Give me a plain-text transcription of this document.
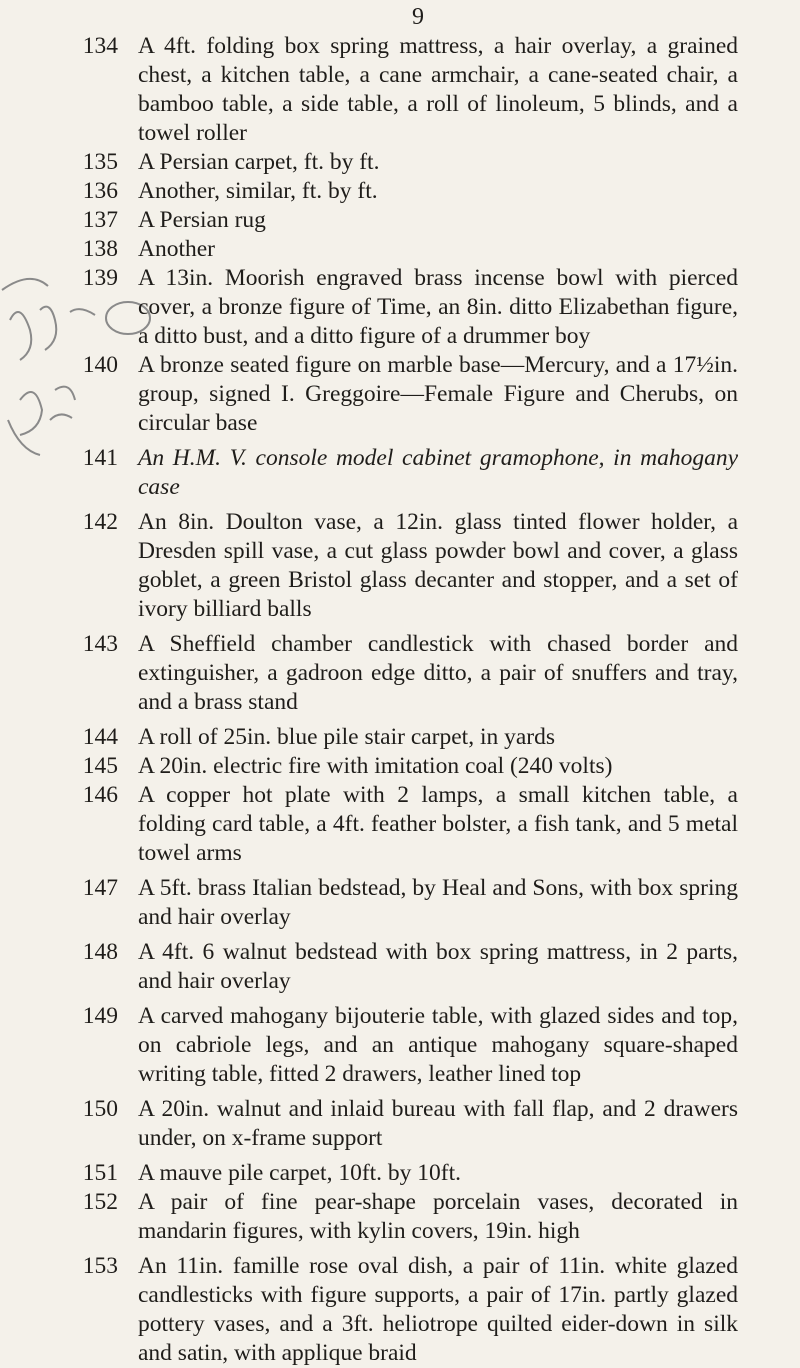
9
134 A 4ft. folding box spring mattress, a hair overlay, a grained chest, a kitchen table, a cane armchair, a cane-seated chair, a bamboo table, a side table, a roll of linoleum, 5 blinds, and a towel roller
135 A Persian carpet, ft. by ft.
136 Another, similar, ft. by ft.
137 A Persian rug
138 Another
139 A 13in. Moorish engraved brass incense bowl with pierced cover, a bronze figure of Time, an 8in. ditto Elizabethan figure, a ditto bust, and a ditto figure of a drummer boy
140 A bronze seated figure on marble base—Mercury, and a 17½in. group, signed I. Greggoire—Female Figure and Cherubs, on circular base
141 An H.M. V. console model cabinet gramophone, in mahogany case
142 An 8in. Doulton vase, a 12in. glass tinted flower holder, a Dresden spill vase, a cut glass powder bowl and cover, a glass goblet, a green Bristol glass decanter and stopper, and a set of ivory billiard balls
143 A Sheffield chamber candlestick with chased border and extinguisher, a gadroon edge ditto, a pair of snuffers and tray, and a brass stand
144 A roll of 25in. blue pile stair carpet, in yards
145 A 20in. electric fire with imitation coal (240 volts)
146 A copper hot plate with 2 lamps, a small kitchen table, a folding card table, a 4ft. feather bolster, a fish tank, and 5 metal towel arms
147 A 5ft. brass Italian bedstead, by Heal and Sons, with box spring and hair overlay
148 A 4ft. 6 walnut bedstead with box spring mattress, in 2 parts, and hair overlay
149 A carved mahogany bijouterie table, with glazed sides and top, on cabriole legs, and an antique mahogany square-shaped writing table, fitted 2 drawers, leather lined top
150 A 20in. walnut and inlaid bureau with fall flap, and 2 drawers under, on x-frame support
151 A mauve pile carpet, 10ft. by 10ft.
152 A pair of fine pear-shape porcelain vases, decorated in mandarin figures, with kylin covers, 19in. high
153 An 11in. famille rose oval dish, a pair of 11in. white glazed candlesticks with figure supports, a pair of 17in. partly glazed pottery vases, and a 3ft. heliotrope quilted eider-down in silk and satin, with applique braid
